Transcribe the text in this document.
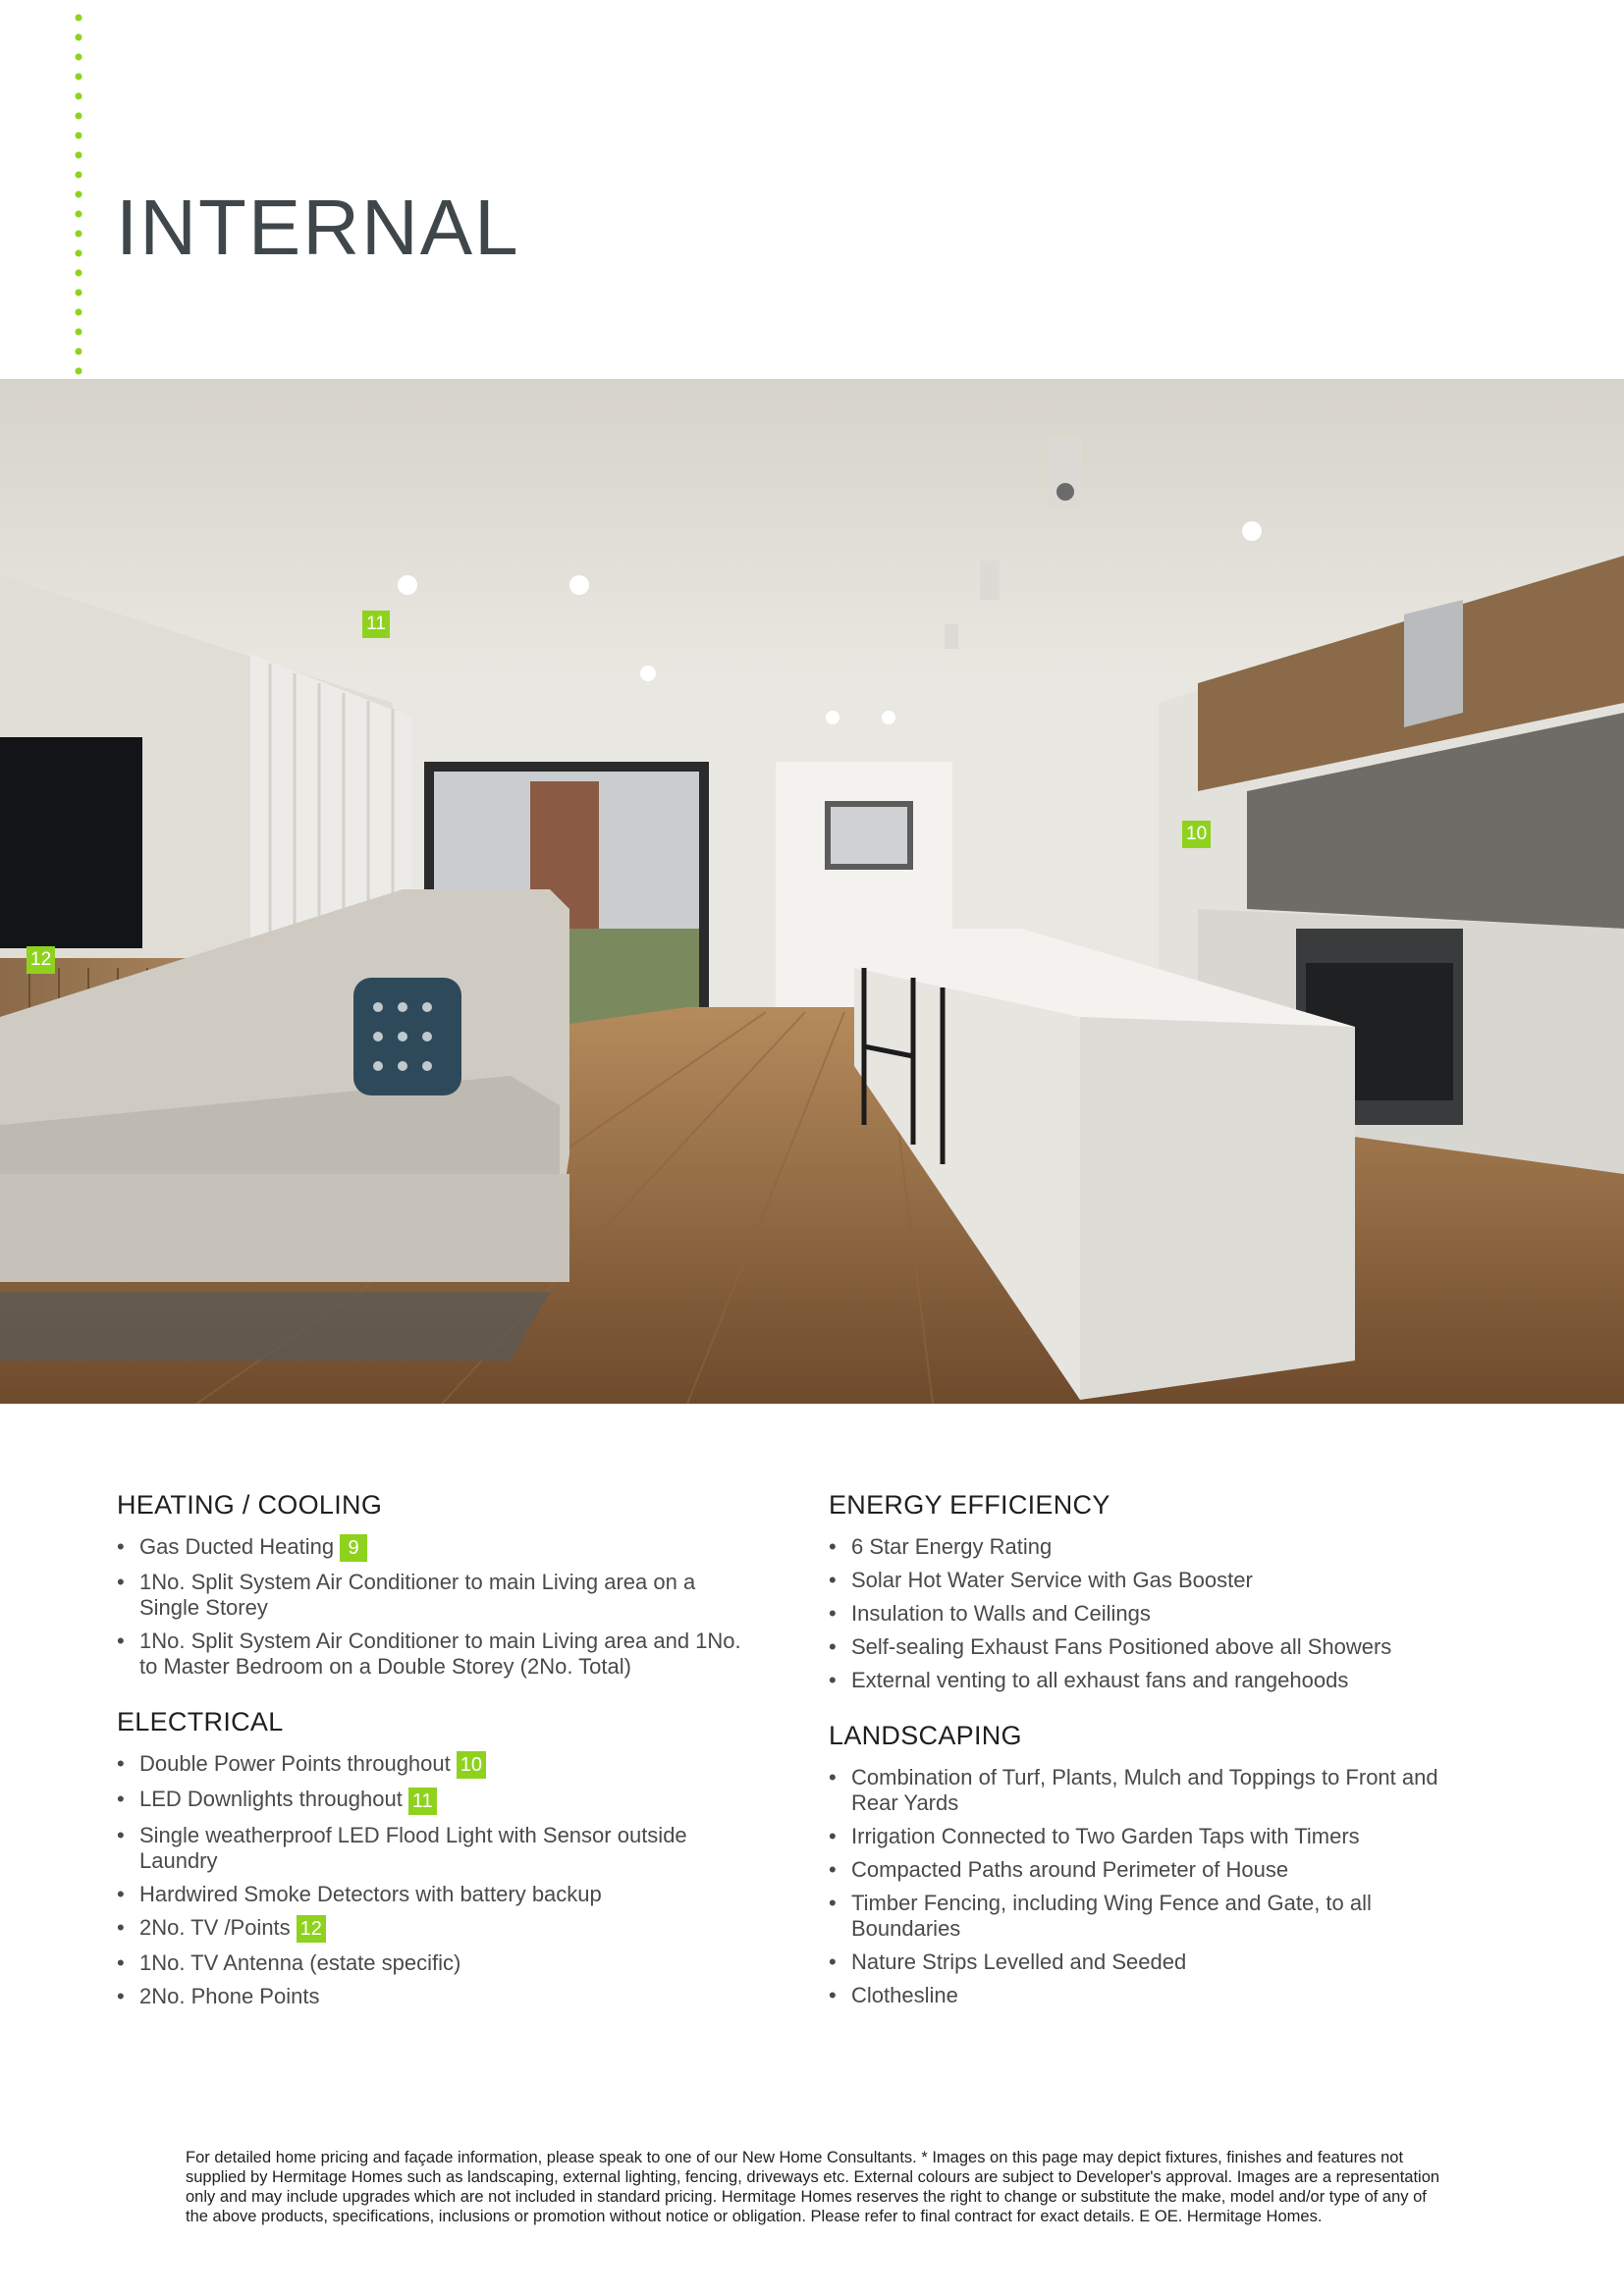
INTERNAL
11
10
12
HEATING / COOLING
• Gas Ducted Heating 9
• 1No. Split System Air Conditioner to main Living area on a Single Storey
• 1No. Split System Air Conditioner to main Living area and 1No. to Master Bedroom on a Double Storey (2No. Total)
ELECTRICAL
• Double Power Points throughout 10
• LED Downlights throughout 11
• Single weatherproof LED Flood Light with Sensor outside Laundry
• Hardwired Smoke Detectors with battery backup
• 2No. TV /Points 12
• 1No. TV Antenna (estate specific)
• 2No. Phone Points
ENERGY EFFICIENCY
• 6 Star Energy Rating
• Solar Hot Water Service with Gas Booster
• Insulation to Walls and Ceilings
• Self-sealing Exhaust Fans Positioned above all Showers
• External venting to all exhaust fans and rangehoods
LANDSCAPING
• Combination of Turf, Plants, Mulch and Toppings to Front and Rear Yards
• Irrigation Connected to Two Garden Taps with Timers
• Compacted Paths around Perimeter of House
• Timber Fencing, including Wing Fence and Gate, to all Boundaries
• Nature Strips Levelled and Seeded
• Clothesline

For detailed home pricing and façade information, please speak to one of our New Home Consultants. * Images on this page may depict fixtures, finishes and features not supplied by Hermitage Homes such as landscaping, external lighting, fencing, driveways etc. External colours are subject to Developer's approval. Images are a representation only and may include upgrades which are not included in standard pricing. Hermitage Homes reserves the right to change or substitute the make, model and/or type of any of the above products, specifications, inclusions or promotion without notice or obligation. Please refer to final contract for exact details. E OE. Hermitage Homes.
